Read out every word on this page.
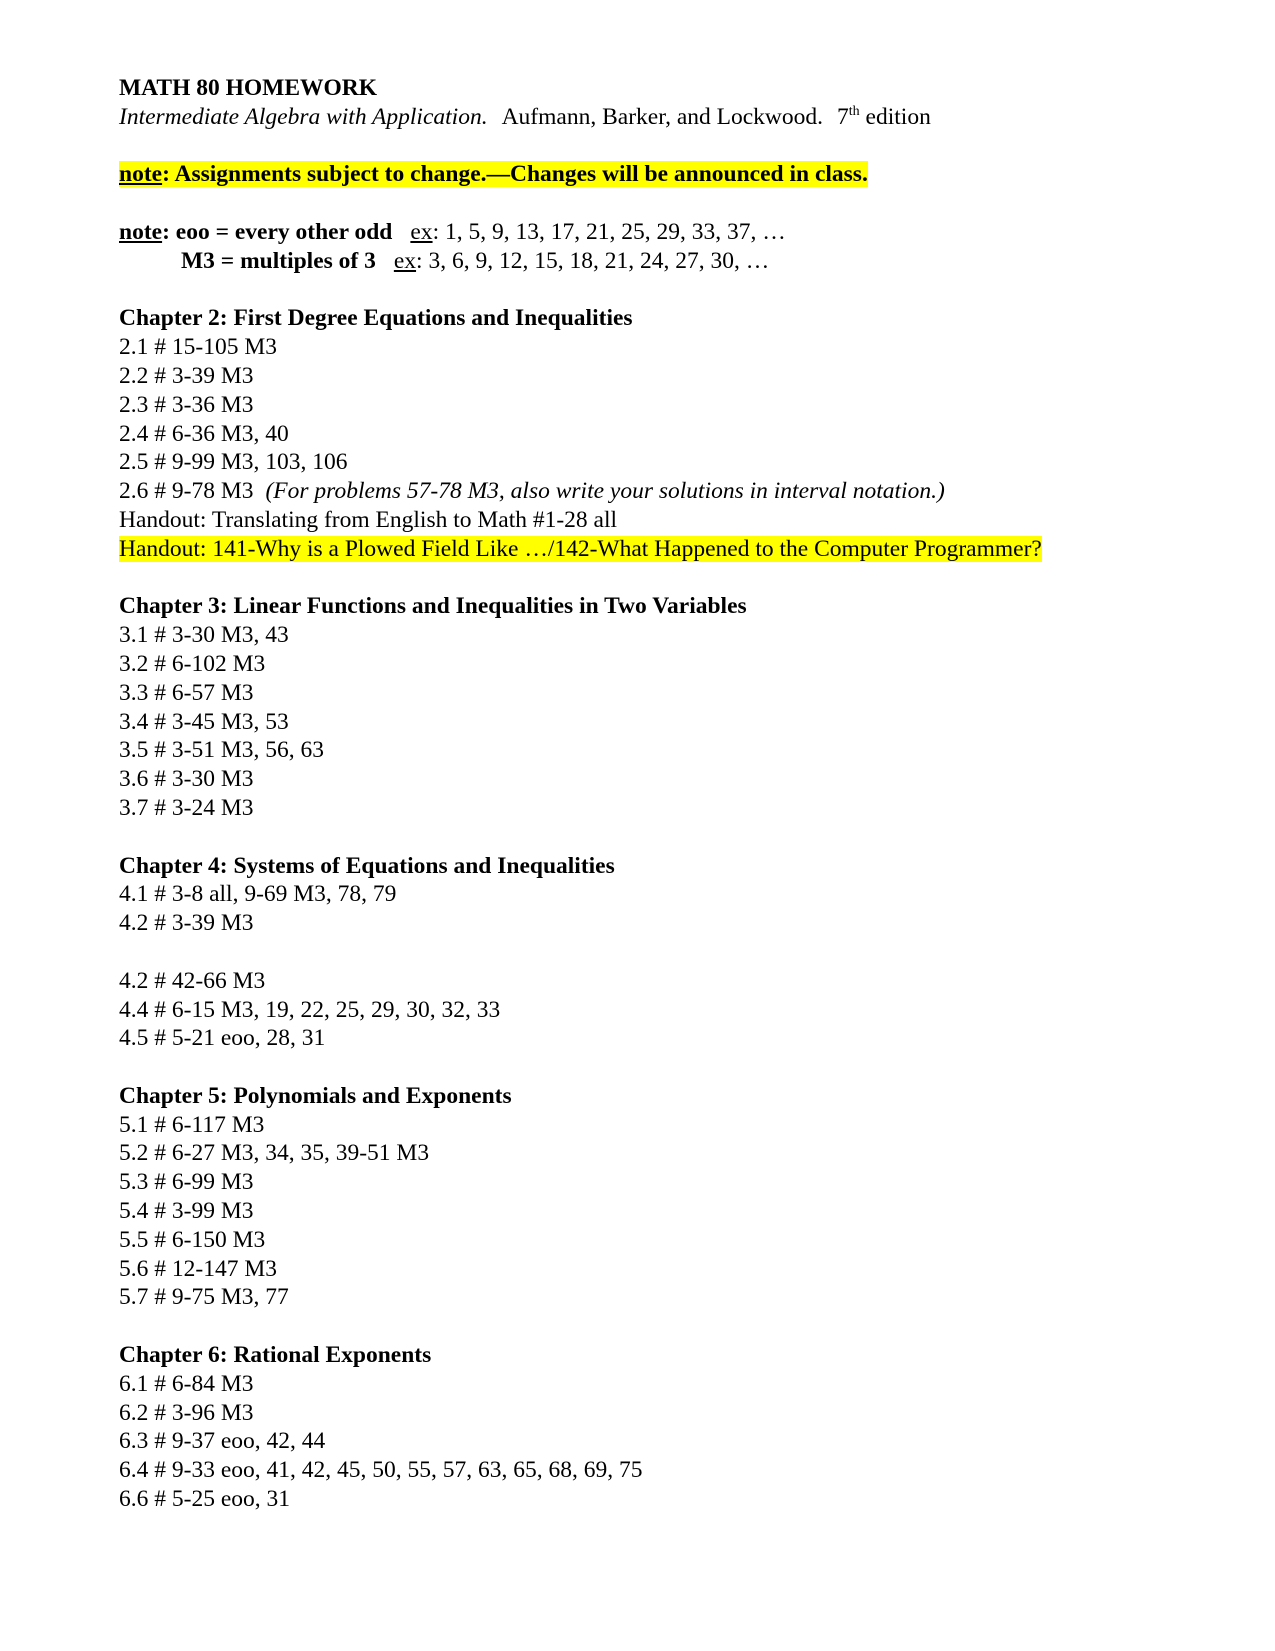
MATH 80 HOMEWORK
Intermediate Algebra with Application. Aufmann, Barker, and Lockwood. 7th edition
note: Assignments subject to change.—Changes will be announced in class.
note: eoo = every other odd ex: 1, 5, 9, 13, 17, 21, 25, 29, 33, 37, …
M3 = multiples of 3 ex: 3, 6, 9, 12, 15, 18, 21, 24, 27, 30, …
Chapter 2: First Degree Equations and Inequalities
2.1 # 15-105 M3
2.2 # 3-39 M3
2.3 # 3-36 M3
2.4 # 6-36 M3, 40
2.5 # 9-99 M3, 103, 106
2.6 # 9-78 M3 (For problems 57-78 M3, also write your solutions in interval notation.)
Handout: Translating from English to Math #1-28 all
Handout: 141-Why is a Plowed Field Like …/142-What Happened to the Computer Programmer?
Chapter 3: Linear Functions and Inequalities in Two Variables
3.1 # 3-30 M3, 43
3.2 # 6-102 M3
3.3 # 6-57 M3
3.4 # 3-45 M3, 53
3.5 # 3-51 M3, 56, 63
3.6 # 3-30 M3
3.7 # 3-24 M3
Chapter 4: Systems of Equations and Inequalities
4.1 # 3-8 all, 9-69 M3, 78, 79
4.2 # 3-39 M3
4.2 # 42-66 M3
4.4 # 6-15 M3, 19, 22, 25, 29, 30, 32, 33
4.5 # 5-21 eoo, 28, 31
Chapter 5: Polynomials and Exponents
5.1 # 6-117 M3
5.2 # 6-27 M3, 34, 35, 39-51 M3
5.3 # 6-99 M3
5.4 # 3-99 M3
5.5 # 6-150 M3
5.6 # 12-147 M3
5.7 # 9-75 M3, 77
Chapter 6: Rational Exponents
6.1 # 6-84 M3
6.2 # 3-96 M3
6.3 # 9-37 eoo, 42, 44
6.4 # 9-33 eoo, 41, 42, 45, 50, 55, 57, 63, 65, 68, 69, 75
6.6 # 5-25 eoo, 31
